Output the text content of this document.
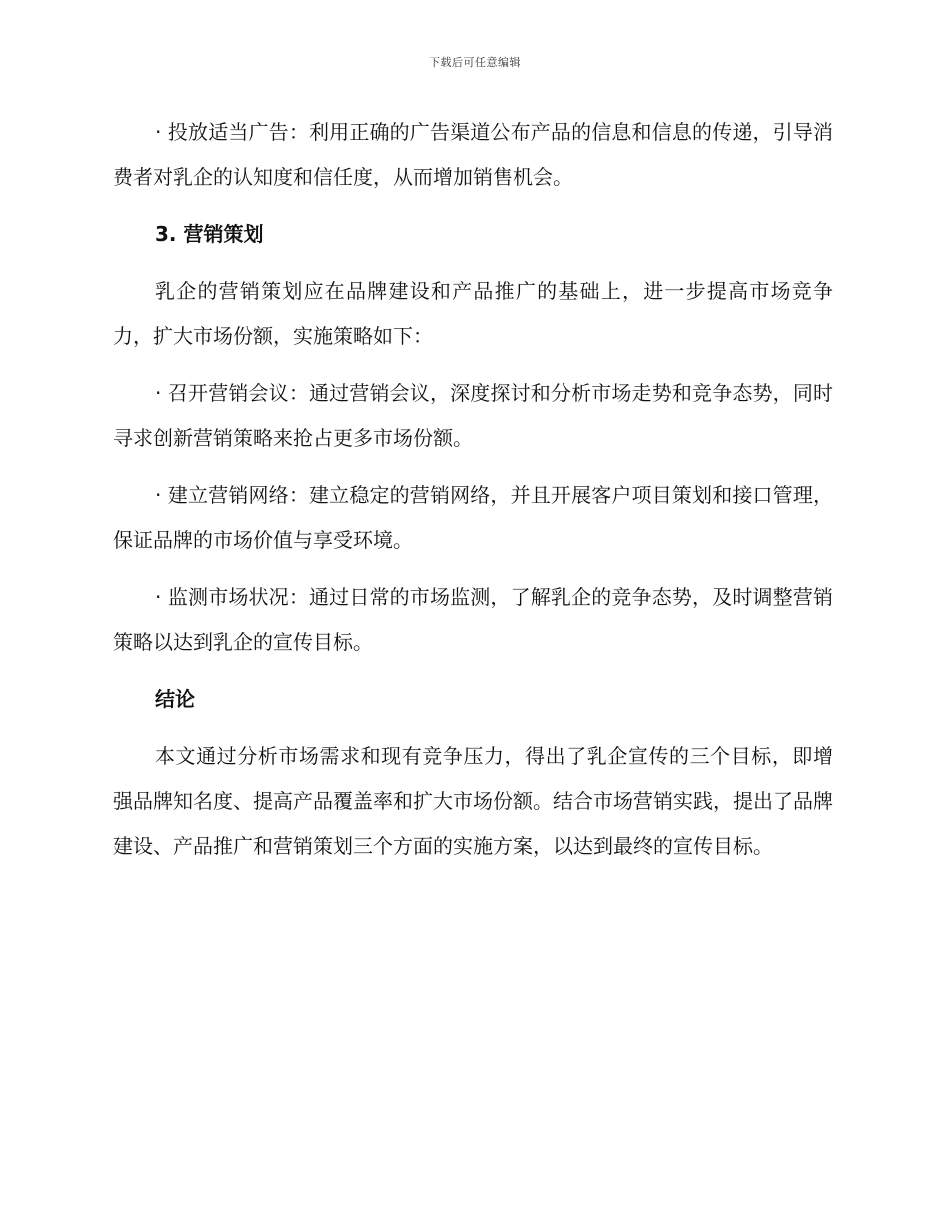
下载后可任意编辑

· 投放适当广告：利用正确的广告渠道公布产品的信息和信息的传递，引导消费者对乳企的认知度和信任度，从而增加销售机会。

3. 营销策划

乳企的营销策划应在品牌建设和产品推广的基础上，进一步提高市场竞争力，扩大市场份额，实施策略如下：

· 召开营销会议：通过营销会议，深度探讨和分析市场走势和竞争态势，同时寻求创新营销策略来抢占更多市场份额。

· 建立营销网络：建立稳定的营销网络，并且开展客户项目策划和接口管理，保证品牌的市场价值与享受环境。

· 监测市场状况：通过日常的市场监测，了解乳企的竞争态势，及时调整营销策略以达到乳企的宣传目标。

结论

本文通过分析市场需求和现有竞争压力，得出了乳企宣传的三个目标，即增强品牌知名度、提高产品覆盖率和扩大市场份额。结合市场营销实践，提出了品牌建设、产品推广和营销策划三个方面的实施方案，以达到最终的宣传目标。
